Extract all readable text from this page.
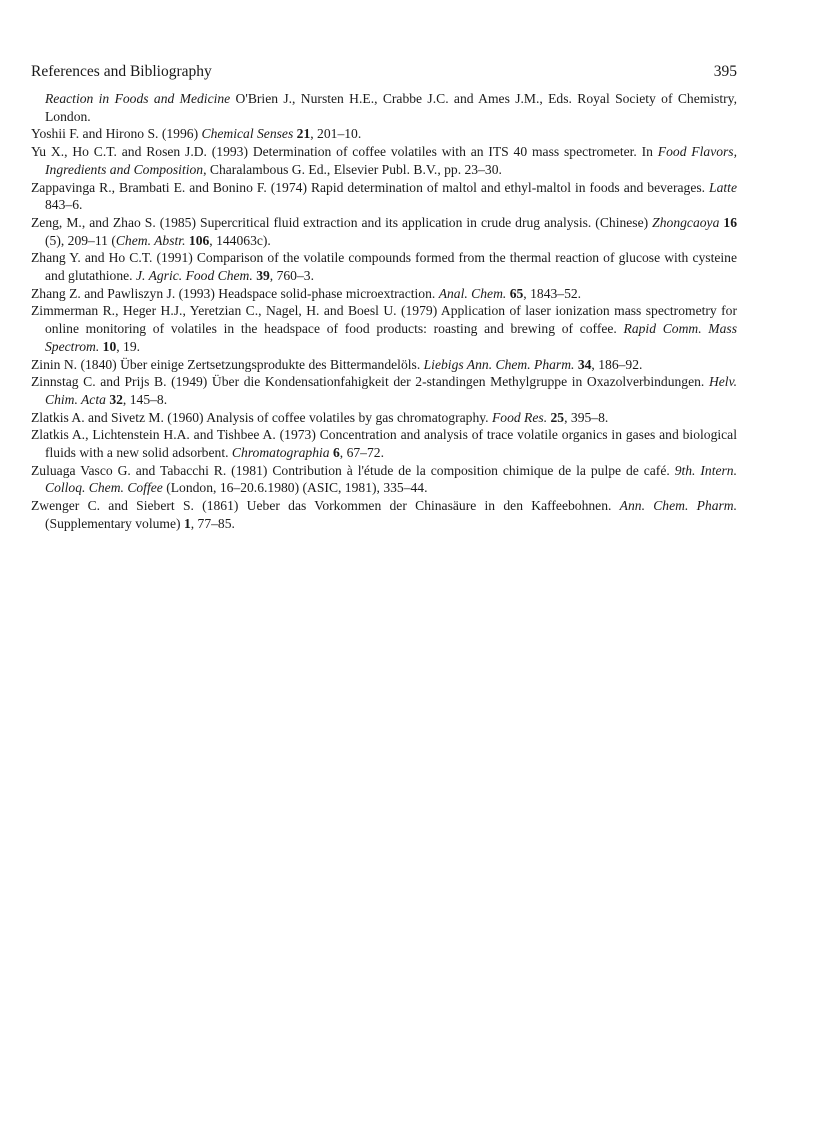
References and Bibliography	395

Reaction in Foods and Medicine O'Brien J., Nursten H.E., Crabbe J.C. and Ames J.M., Eds. Royal Society of Chemistry, London.

Yoshii F. and Hirono S. (1996) Chemical Senses 21, 201–10.

Yu X., Ho C.T. and Rosen J.D. (1993) Determination of coffee volatiles with an ITS 40 mass spectrometer. In Food Flavors, Ingredients and Composition, Charalambous G. Ed., Elsevier Publ. B.V., pp. 23–30.

Zappavinga R., Brambati E. and Bonino F. (1974) Rapid determination of maltol and ethyl-maltol in foods and beverages. Latte 843–6.

Zeng, M., and Zhao S. (1985) Supercritical fluid extraction and its application in crude drug analysis. (Chinese) Zhongcaoya 16 (5), 209–11 (Chem. Abstr. 106, 144063c).

Zhang Y. and Ho C.T. (1991) Comparison of the volatile compounds formed from the thermal reaction of glucose with cysteine and glutathione. J. Agric. Food Chem. 39, 760–3.

Zhang Z. and Pawliszyn J. (1993) Headspace solid-phase microextraction. Anal. Chem. 65, 1843–52.

Zimmerman R., Heger H.J., Yeretzian C., Nagel, H. and Boesl U. (1979) Application of laser ionization mass spectrometry for online monitoring of volatiles in the headspace of food products: roasting and brewing of coffee. Rapid Comm. Mass Spectrom. 10, 19.

Zinin N. (1840) Über einige Zertsetzungsprodukte des Bittermandelöls. Liebigs Ann. Chem. Pharm. 34, 186–92.

Zinnstag C. and Prijs B. (1949) Über die Kondensationfahigkeit der 2-standingen Methylgruppe in Oxazolverbindungen. Helv. Chim. Acta 32, 145–8.

Zlatkis A. and Sivetz M. (1960) Analysis of coffee volatiles by gas chromatography. Food Res. 25, 395–8.

Zlatkis A., Lichtenstein H.A. and Tishbee A. (1973) Concentration and analysis of trace volatile organics in gases and biological fluids with a new solid adsorbent. Chromatographia 6, 67–72.

Zuluaga Vasco G. and Tabacchi R. (1981) Contribution à l'étude de la composition chimique de la pulpe de café. 9th. Intern. Colloq. Chem. Coffee (London, 16–20.6.1980) (ASIC, 1981), 335–44.

Zwenger C. and Siebert S. (1861) Ueber das Vorkommen der Chinasäure in den Kaffeebohnen. Ann. Chem. Pharm. (Supplementary volume) 1, 77–85.
